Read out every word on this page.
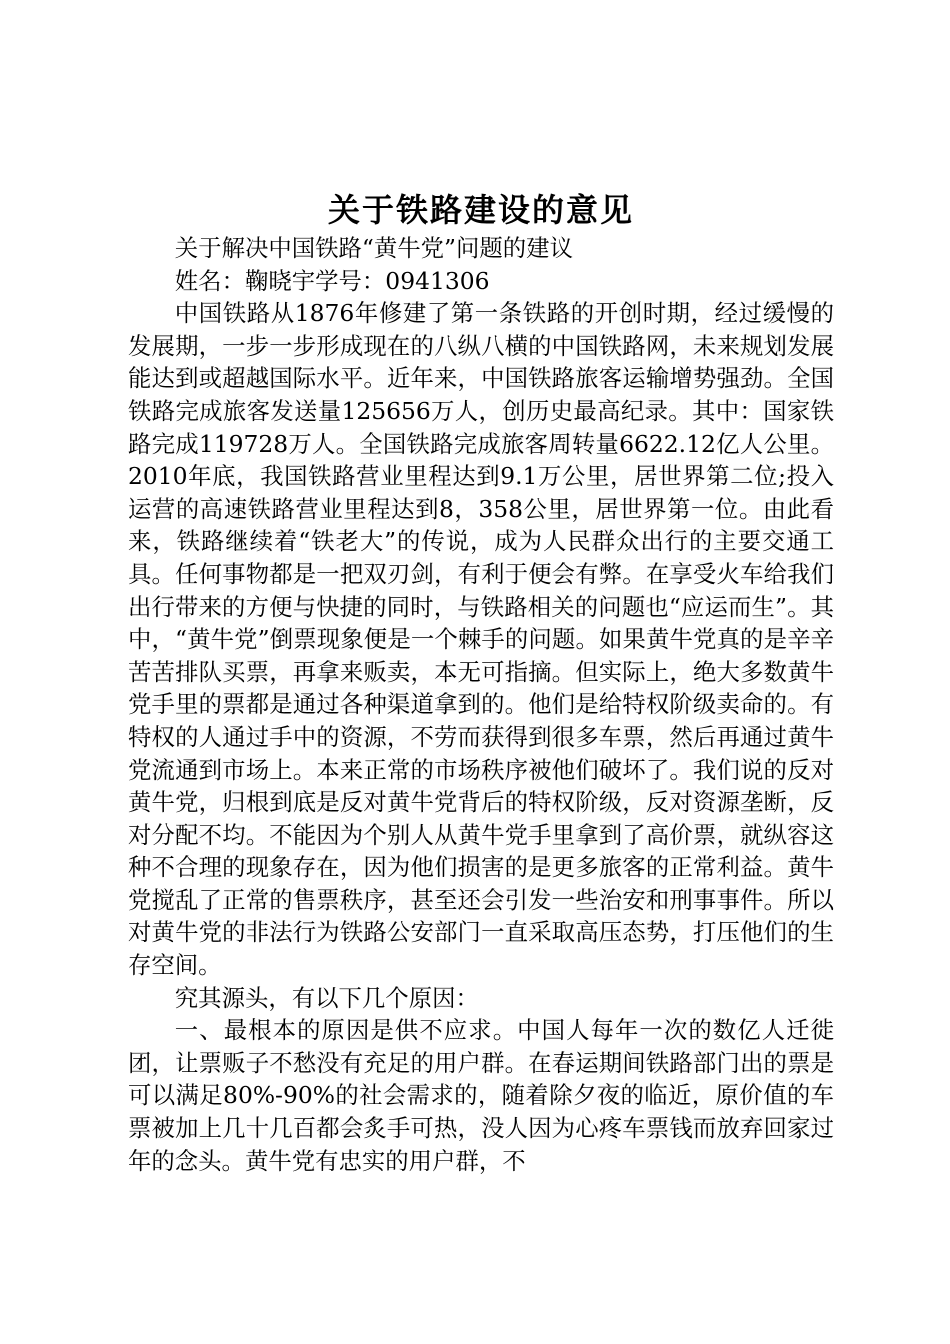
关于铁路建设的意见

关于解决中国铁路“黄牛党”问题的建议

姓名：鞠晓宇学号：0941306

中国铁路从1876年修建了第一条铁路的开创时期，经过缓慢的发展期，一步一步形成现在的八纵八横的中国铁路网，未来规划发展能达到或超越国际水平。近年来，中国铁路旅客运输增势强劲。全国铁路完成旅客发送量125656万人，创历史最高纪录。其中：国家铁路完成119728万人。全国铁路完成旅客周转量6622.12亿人公里。2010年底，我国铁路营业里程达到9.1万公里，居世界第二位;投入运营的高速铁路营业里程达到8，358公里，居世界第一位。由此看来，铁路继续着“铁老大”的传说，成为人民群众出行的主要交通工具。任何事物都是一把双刃剑，有利于便会有弊。在享受火车给我们出行带来的方便与快捷的同时，与铁路相关的问题也“应运而生”。其中，“黄牛党”倒票现象便是一个棘手的问题。如果黄牛党真的是辛辛苦苦排队买票，再拿来贩卖，本无可指摘。但实际上，绝大多数黄牛党手里的票都是通过各种渠道拿到的。他们是给特权阶级卖命的。有特权的人通过手中的资源，不劳而获得到很多车票，然后再通过黄牛党流通到市场上。本来正常的市场秩序被他们破坏了。我们说的反对黄牛党，归根到底是反对黄牛党背后的特权阶级，反对资源垄断，反对分配不均。不能因为个别人从黄牛党手里拿到了高价票，就纵容这种不合理的现象存在，因为他们损害的是更多旅客的正常利益。黄牛党搅乱了正常的售票秩序，甚至还会引发一些治安和刑事事件。所以对黄牛党的非法行为铁路公安部门一直采取高压态势，打压他们的生存空间。

究其源头，有以下几个原因：

一、最根本的原因是供不应求。中国人每年一次的数亿人迁徙团，让票贩子不愁没有充足的用户群。在春运期间铁路部门出的票是可以满足80%-90%的社会需求的，随着除夕夜的临近，原价值的车票被加上几十几百都会炙手可热，没人因为心疼车票钱而放弃回家过年的念头。黄牛党有忠实的用户群，不
